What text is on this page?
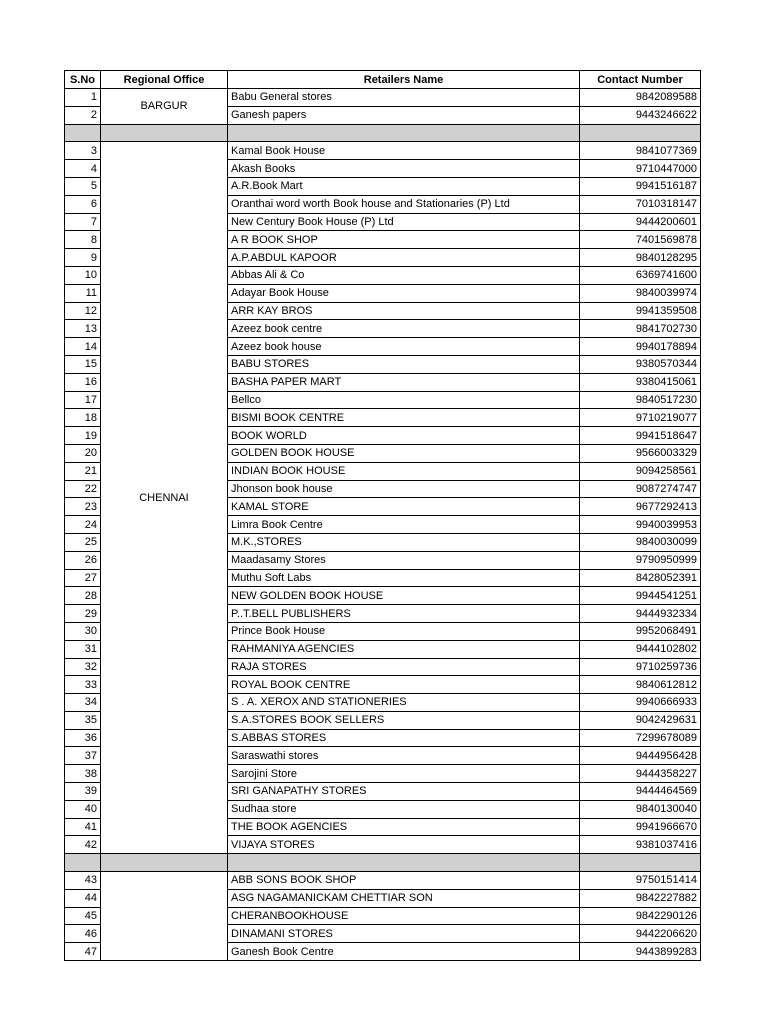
S.No	Regional Office	Retailers Name	Contact Number
1	BARGUR	Babu General stores	9842089588
2		Ganesh papers	9443246622

3	CHENNAI	Kamal Book House	9841077369
4		Akash Books	9710447000
5		A.R.Book Mart	9941516187
6		Oranthai word worth Book house and Stationaries (P) Ltd	7010318147
7		New Century Book House (P) Ltd	9444200601
8		A R BOOK SHOP	7401569878
9		A.P.ABDUL KAPOOR	9840128295
10		Abbas Ali & Co	6369741600
11		Adayar Book House	9840039974
12		ARR KAY BROS	9941359508
13		Azeez book centre	9841702730
14		Azeez book house	9940178894
15		BABU STORES	9380570344
16		BASHA PAPER MART	9380415061
17		Bellco	9840517230
18		BISMI BOOK CENTRE	9710219077
19		BOOK WORLD	9941518647
20		GOLDEN BOOK HOUSE	9566003329
21		INDIAN BOOK HOUSE	9094258561
22		Jhonson book house	9087274747
23		KAMAL STORE	9677292413
24		Limra Book Centre	9940039953
25		M.K.,STORES	9840030099
26		Maadasamy Stores	9790950999
27		Muthu Soft Labs	8428052391
28		NEW GOLDEN BOOK HOUSE	9944541251
29		P..T.BELL PUBLISHERS	9444932334
30		Prince Book House	9952068491
31		RAHMANIYA AGENCIES	9444102802
32		RAJA STORES	9710259736
33		ROYAL BOOK CENTRE	9840612812
34		S . A. XEROX AND STATIONERIES	9940666933
35		S.A.STORES BOOK SELLERS	9042429631
36		S.ABBAS STORES	7299678089
37		Saraswathi stores	9444956428
38		Sarojini Store	9444358227
39		SRI GANAPATHY STORES	9444464569
40		Sudhaa store	9840130040
41		THE BOOK AGENCIES	9941966670
42		VIJAYA STORES	9381037416

43		ABB SONS BOOK SHOP	9750151414
44		ASG NAGAMANICKAM CHETTIAR SON	9842227882
45		CHERANBOOKHOUSE	9842290126
46		DINAMANI STORES	9442206620
47		Ganesh Book Centre	9443899283
